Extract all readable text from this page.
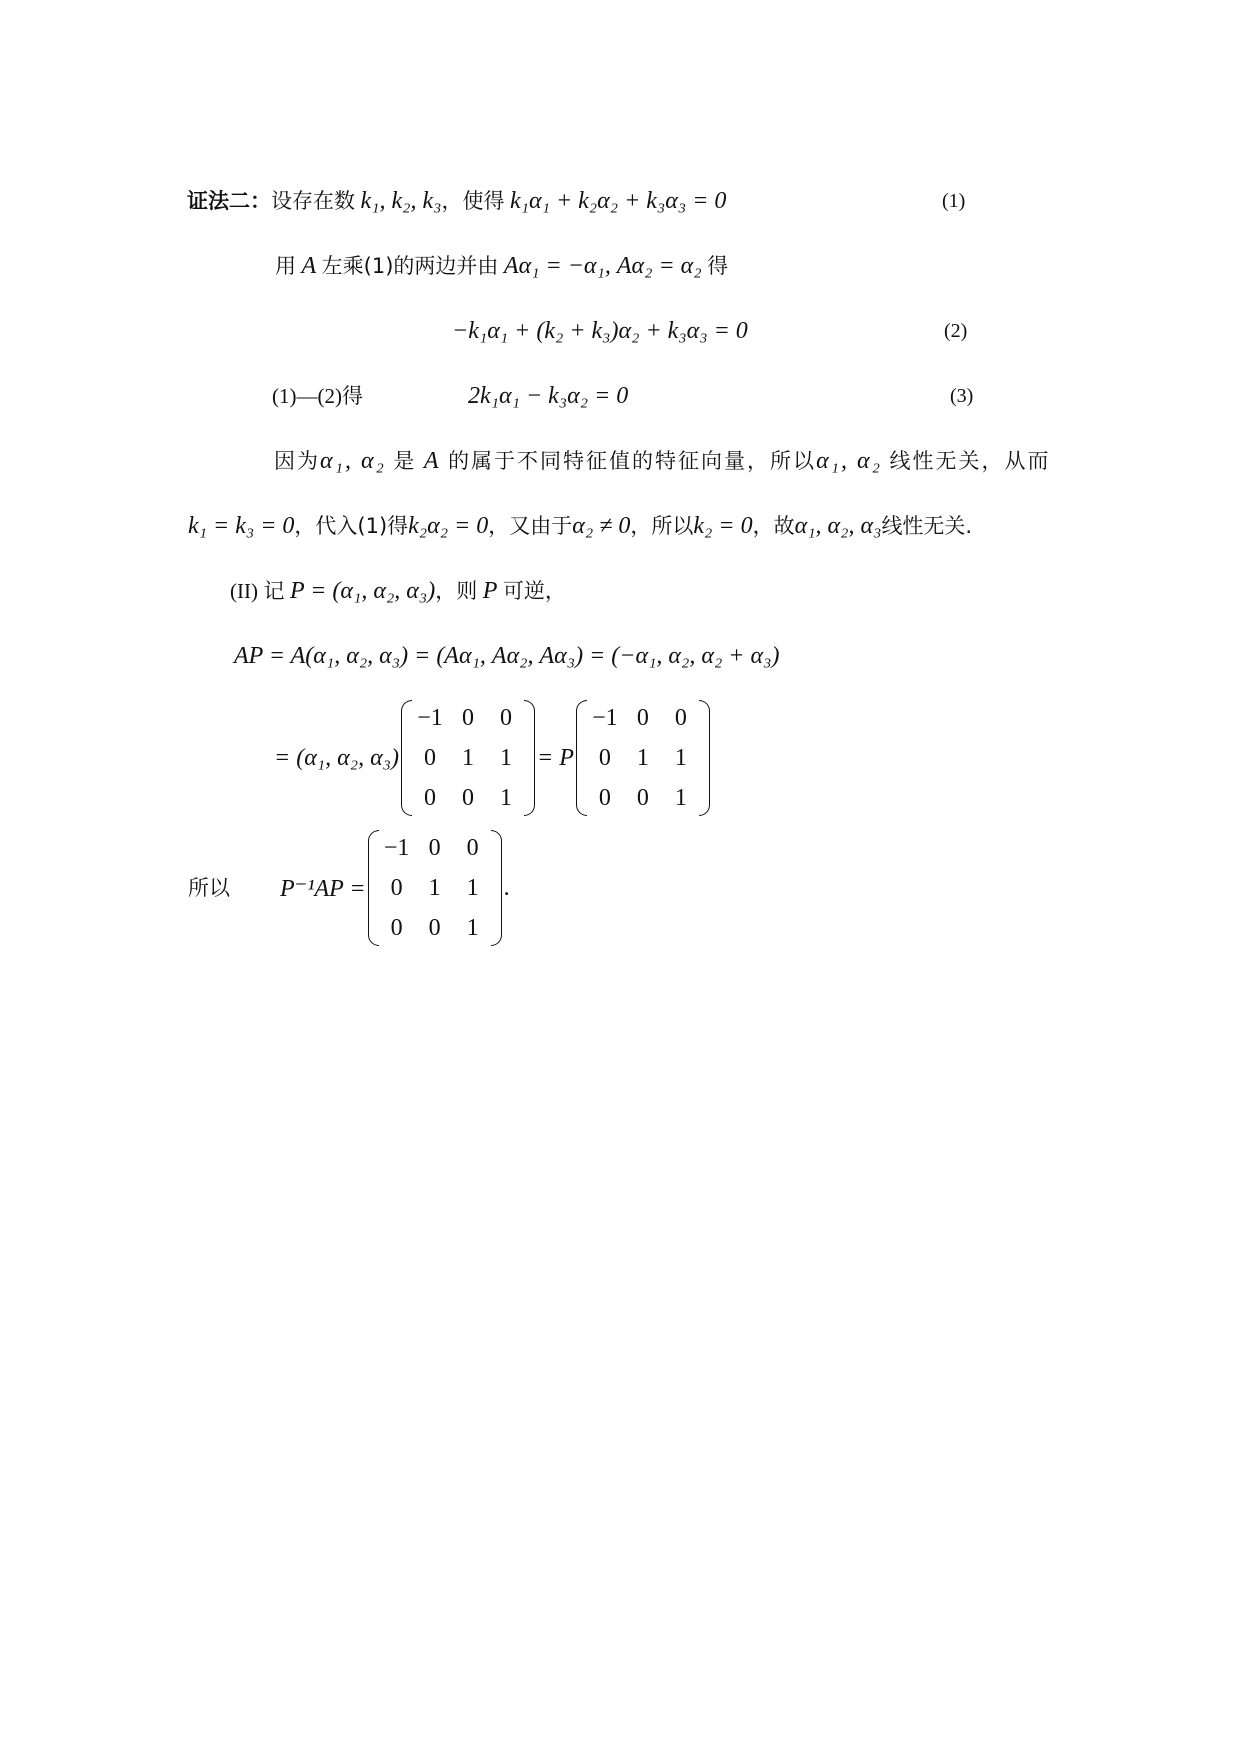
证法二：设存在数 k₁, k₂, k₃，使得 k₁α₁ + k₂α₂ + k₃α₃ = 0	(1)
用 A 左乘(1)的两边并由 Aα₁ = −α₁, Aα₂ = α₂ 得
−k₁α₁ + (k₂ + k₃)α₂ + k₃α₃ = 0	(2)
(1)—(2)得	2k₁α₁ − k₃α₂ = 0	(3)
因为α₁, α₂ 是 A 的属于不同特征值的特征向量，所以α₁, α₂ 线性无关，从而
k₁ = k₃ = 0，代入(1)得k₂α₂ = 0，又由于α₂ ≠ 0，所以k₂ = 0，故α₁, α₂, α₃线性无关.
(II) 记 P = (α₁, α₂, α₃)，则 P 可逆，
AP = A(α₁, α₂, α₃) = (Aα₁, Aα₂, Aα₃) = (−α₁, α₂, α₂ + α₃)
= (α₁, α₂, α₃)
−1 0	0
0	1	1
0	0	1
= P
−1 0	0
0	1	1
0	0	1
所以 P⁻¹AP =
−1 0	0
0	1	1
0	0	1
.
